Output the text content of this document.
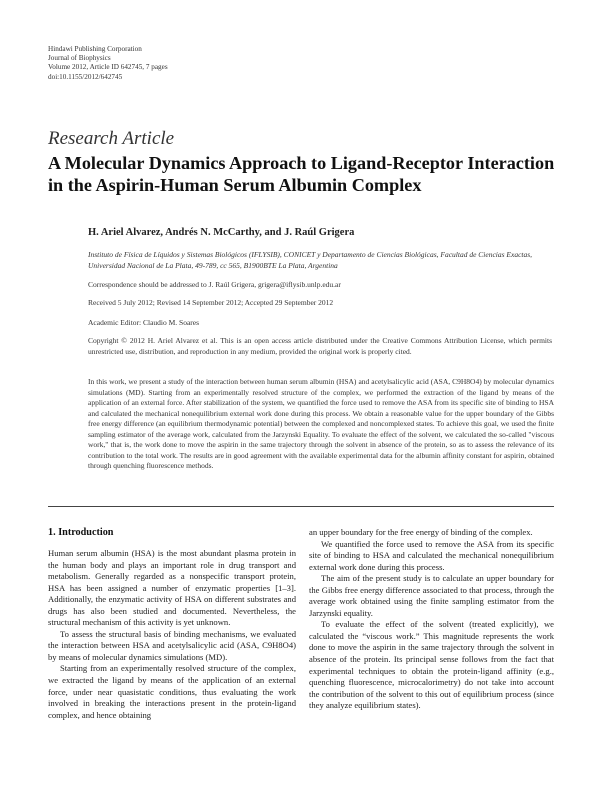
Hindawi Publishing Corporation
Journal of Biophysics
Volume 2012, Article ID 642745, 7 pages
doi:10.1155/2012/642745
Research Article
A Molecular Dynamics Approach to Ligand-Receptor Interaction in the Aspirin-Human Serum Albumin Complex
H. Ariel Alvarez, Andrés N. McCarthy, and J. Raúl Grigera
Instituto de Física de Líquidos y Sistemas Biológicos (IFLYSIB), CONICET y Departamento de Ciencias Biológicas, Facultad de Ciencias Exactas, Universidad Nacional de La Plata, 49-789, cc 565, B1900BTE La Plata, Argentina
Correspondence should be addressed to J. Raúl Grigera, grigera@iflysib.unlp.edu.ar
Received 5 July 2012; Revised 14 September 2012; Accepted 29 September 2012
Academic Editor: Claudio M. Soares
Copyright © 2012 H. Ariel Alvarez et al. This is an open access article distributed under the Creative Commons Attribution License, which permits unrestricted use, distribution, and reproduction in any medium, provided the original work is properly cited.
In this work, we present a study of the interaction between human serum albumin (HSA) and acetylsalicylic acid (ASA, C9H8O4) by molecular dynamics simulations (MD). Starting from an experimentally resolved structure of the complex, we performed the extraction of the ligand by means of the application of an external force. After stabilization of the system, we quantified the force used to remove the ASA from its specific site of binding to HSA and calculated the mechanical nonequilibrium external work done during this process. We obtain a reasonable value for the upper boundary of the Gibbs free energy difference (an equilibrium thermodynamic potential) between the complexed and noncomplexed states. To achieve this goal, we used the finite sampling estimator of the average work, calculated from the Jarzynski Equality. To evaluate the effect of the solvent, we calculated the so-called "viscous work," that is, the work done to move the aspirin in the same trajectory through the solvent in absence of the protein, so as to assess the relevance of its contribution to the total work. The results are in good agreement with the available experimental data for the albumin affinity constant for aspirin, obtained through quenching fluorescence methods.
1. Introduction

Human serum albumin (HSA) is the most abundant plasma protein in the human body and plays an important role in drug transport and metabolism. Generally regarded as a nonspecific transport protein, HSA has been assigned a number of enzymatic properties [1–3]. Additionally, the enzymatic activity of HSA on different substrates and drugs has also been studied and documented. Nevertheless, the structural mechanism of this activity is yet unknown.

To assess the structural basis of binding mechanisms, we evaluated the interaction between HSA and acetylsalicylic acid (ASA, C9H8O4) by means of molecular dynamics simulations (MD).

Starting from an experimentally resolved structure of the complex, we extracted the ligand by means of the application of an external force, under near quasistatic conditions, thus evaluating the work involved in breaking the interactions present in the protein-ligand complex, and hence obtaining

an upper boundary for the free energy of binding of the complex.

We quantified the force used to remove the ASA from its specific site of binding to HSA and calculated the mechanical nonequilibrium external work done during this process.

The aim of the present study is to calculate an upper boundary for the Gibbs free energy difference associated to that process, through the average work obtained using the finite sampling estimator from the Jarzynski equality.

To evaluate the effect of the solvent (treated explicitly), we calculated the “viscous work.” This magnitude represents the work done to move the aspirin in the same trajectory through the solvent in absence of the protein. Its principal sense follows from the fact that experimental techniques to obtain the protein-ligand affinity (e.g., quenching fluorescence, microcalorimetry) do not take into account the contribution of the solvent to this out of equilibrium process (since they analyze equilibrium states).
